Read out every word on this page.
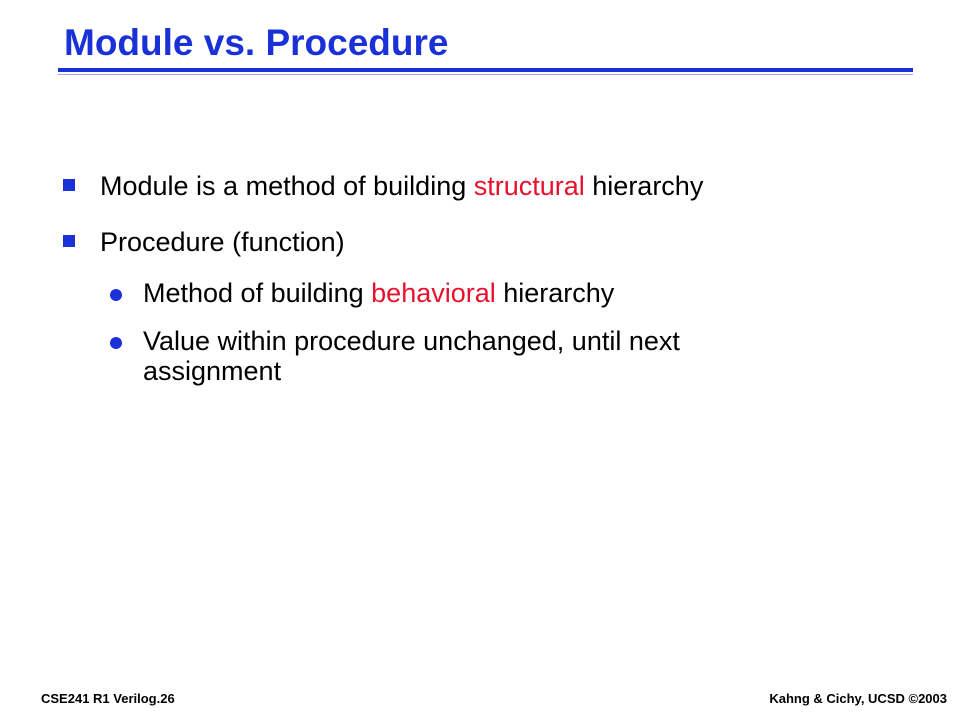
Module vs. Procedure
Module is a method of building structural hierarchy
Procedure (function)
Method of building behavioral hierarchy
Value within procedure unchanged, until next assignment
CSE241 R1 Verilog.26	Kahng & Cichy, UCSD ©2003
